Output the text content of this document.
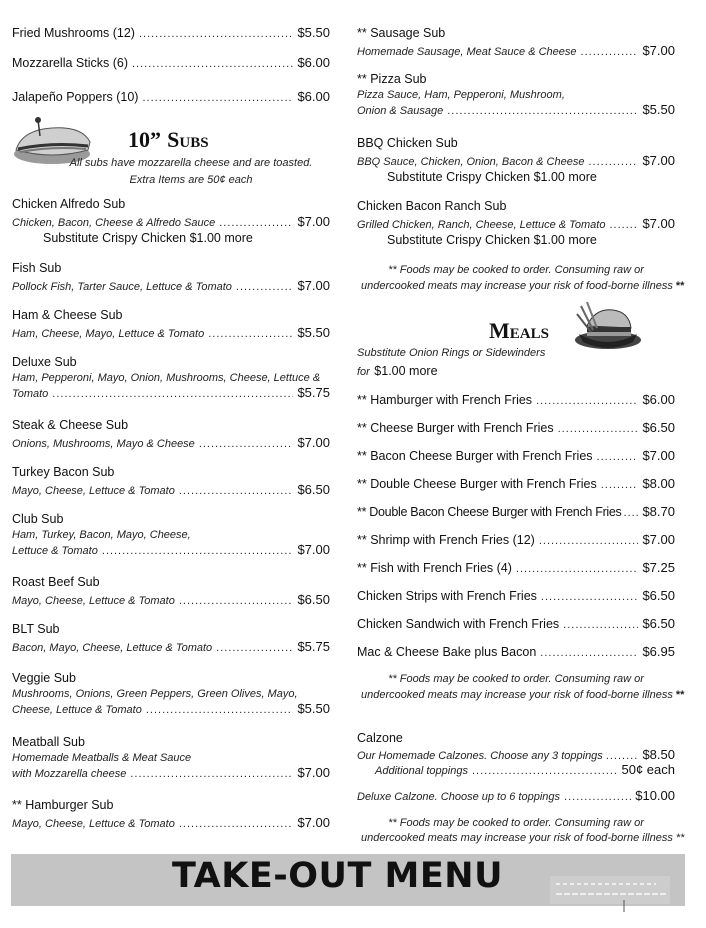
Fried Mushrooms (12) .....	$5.50
Mozzarella Sticks (6) .....	$6.00
Jalapeño Poppers (10) .....	$6.00
10” Subs
All subs have mozzarella cheese and are toasted.
Extra Items are 50¢ each
Chicken Alfredo Sub
Chicken, Bacon, Cheese & Alfredo Sauce .....	$7.00
Substitute Crispy Chicken $1.00 more
Fish Sub
Pollock Fish, Tarter Sauce, Lettuce & Tomato .....	$7.00
Ham & Cheese Sub
Ham, Cheese, Mayo, Lettuce & Tomato .....	$5.50
Deluxe Sub
Ham, Pepperoni, Mayo, Onion, Mushrooms, Cheese, Lettuce &
Tomato .....	$5.75
Steak & Cheese Sub
Onions, Mushrooms, Mayo & Cheese .....	$7.00
Turkey Bacon Sub
Mayo, Cheese, Lettuce & Tomato .....	$6.50
Club Sub
Ham, Turkey, Bacon, Mayo, Cheese,
Lettuce & Tomato .....	$7.00
Roast Beef Sub
Mayo, Cheese, Lettuce & Tomato .....	$6.50
BLT Sub
Bacon, Mayo, Cheese, Lettuce & Tomato .....	$5.75
Veggie Sub
Mushrooms, Onions, Green Peppers, Green Olives, Mayo,
Cheese, Lettuce & Tomato .....	$5.50
Meatball Sub
Homemade Meatballs & Meat Sauce
with Mozzarella cheese .....	$7.00
** Hamburger Sub
Mayo, Cheese, Lettuce & Tomato .....	$7.00
** Sausage Sub
Homemade Sausage, Meat Sauce & Cheese .....	$7.00
** Pizza Sub
Pizza Sauce, Ham, Pepperoni, Mushroom,
Onion & Sausage .....	$5.50
BBQ Chicken Sub
BBQ Sauce, Chicken, Onion, Bacon & Cheese .....	$7.00
Substitute Crispy Chicken $1.00 more
Chicken Bacon Ranch Sub
Grilled Chicken, Ranch, Cheese, Lettuce & Tomato .....	$7.00
Substitute Crispy Chicken $1.00 more
** Foods may be cooked to order. Consuming raw or
undercooked meats may increase your risk of food-borne illness **
Meals
Substitute Onion Rings or Sidewinders
for $1.00 more
** Hamburger with French Fries .....	$6.00
** Cheese Burger with French Fries .....	$6.50
** Bacon Cheese Burger with French Fries .....	$7.00
** Double Cheese Burger with French Fries .....	$8.00
** Double Bacon Cheese Burger with French Fries ..... $8.70
** Shrimp with French Fries (12) .....	$7.00
** Fish with French Fries (4) .....	$7.25
Chicken Strips with French Fries .....	$6.50
Chicken Sandwich with French Fries .....	$6.50
Mac & Cheese Bake plus Bacon .....	$6.95
** Foods may be cooked to order. Consuming raw or
undercooked meats may increase your risk of food-borne illness **
Calzone
Our Homemade Calzones. Choose any 3 toppings .....	$8.50
Additional toppings .....	50¢ each
Deluxe Calzone. Choose up to 6 toppings .....	$10.00
** Foods may be cooked to order. Consuming raw or
undercooked meats may increase your risk of food-borne illness **
TAKE-OUT MENU
